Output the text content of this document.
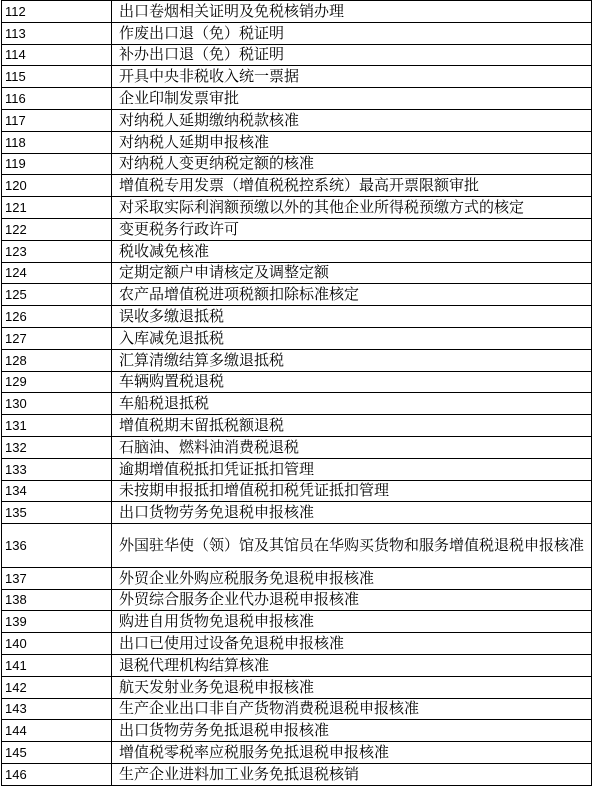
112	出口卷烟相关证明及免税核销办理
113	作废出口退（免）税证明
114	补办出口退（免）税证明
115	开具中央非税收入统一票据
116	企业印制发票审批
117	对纳税人延期缴纳税款核准
118	对纳税人延期申报核准
119	对纳税人变更纳税定额的核准
120	增值税专用发票（增值税税控系统）最高开票限额审批
121	对采取实际利润额预缴以外的其他企业所得税预缴方式的核定
122	变更税务行政许可
123	税收减免核准
124	定期定额户申请核定及调整定额
125	农产品增值税进项税额扣除标准核定
126	误收多缴退抵税
127	入库减免退抵税
128	汇算清缴结算多缴退抵税
129	车辆购置税退税
130	车船税退抵税
131	增值税期末留抵税额退税
132	石脑油、燃料油消费税退税
133	逾期增值税抵扣凭证抵扣管理
134	未按期申报抵扣增值税扣税凭证抵扣管理
135	出口货物劳务免退税申报核准
136	外国驻华使（领）馆及其馆员在华购买货物和服务增值税退税申报核准
137	外贸企业外购应税服务免退税申报核准
138	外贸综合服务企业代办退税申报核准
139	购进自用货物免退税申报核准
140	出口已使用过设备免退税申报核准
141	退税代理机构结算核准
142	航天发射业务免退税申报核准
143	生产企业出口非自产货物消费税退税申报核准
144	出口货物劳务免抵退税申报核准
145	增值税零税率应税服务免抵退税申报核准
146	生产企业进料加工业务免抵退税核销
